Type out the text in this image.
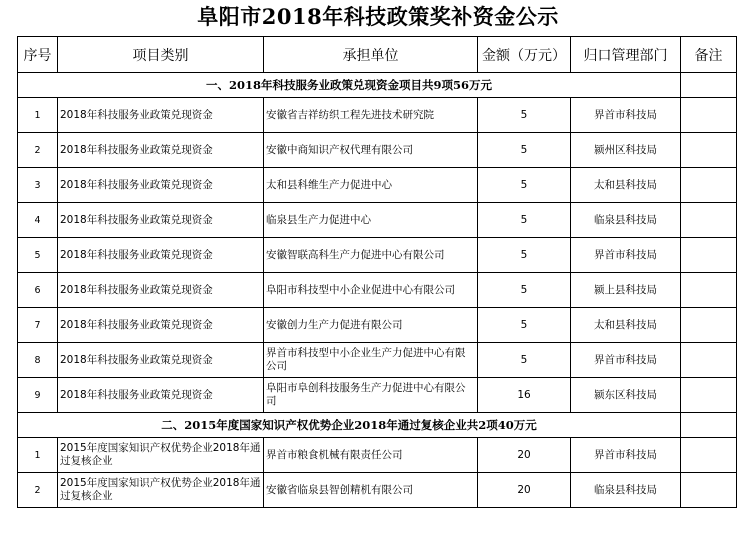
阜阳市2018年科技政策奖补资金公示
序号	项目类别	承担单位	金额（万元）	归口管理部门	备注
一、2018年科技服务业政策兑现资金项目共9项56万元					
1	2018年科技服务业政策兑现资金	安徽省吉祥纺织工程先进技术研究院	5	界首市科技局	
2	2018年科技服务业政策兑现资金	安徽中商知识产权代理有限公司	5	颍州区科技局	
3	2018年科技服务业政策兑现资金	太和县科维生产力促进中心	5	太和县科技局	
4	2018年科技服务业政策兑现资金	临泉县生产力促进中心	5	临泉县科技局	
5	2018年科技服务业政策兑现资金	安徽智联高科生产力促进中心有限公司	5	界首市科技局	
6	2018年科技服务业政策兑现资金	阜阳市科技型中小企业促进中心有限公司	5	颍上县科技局	
7	2018年科技服务业政策兑现资金	安徽创力生产力促进有限公司	5	太和县科技局	
8	2018年科技服务业政策兑现资金	界首市科技型中小企业生产力促进中心有限公司	5	界首市科技局	
9	2018年科技服务业政策兑现资金	阜阳市阜创科技服务生产力促进中心有限公司	16	颍东区科技局	
二、2015年度国家知识产权优势企业2018年通过复核企业共2项40万元					
1	2015年度国家知识产权优势企业2018年通过复核企业	界首市粮食机械有限责任公司	20	界首市科技局	
2	2015年度国家知识产权优势企业2018年通过复核企业	安徽省临泉县智创精机有限公司	20	临泉县科技局	
